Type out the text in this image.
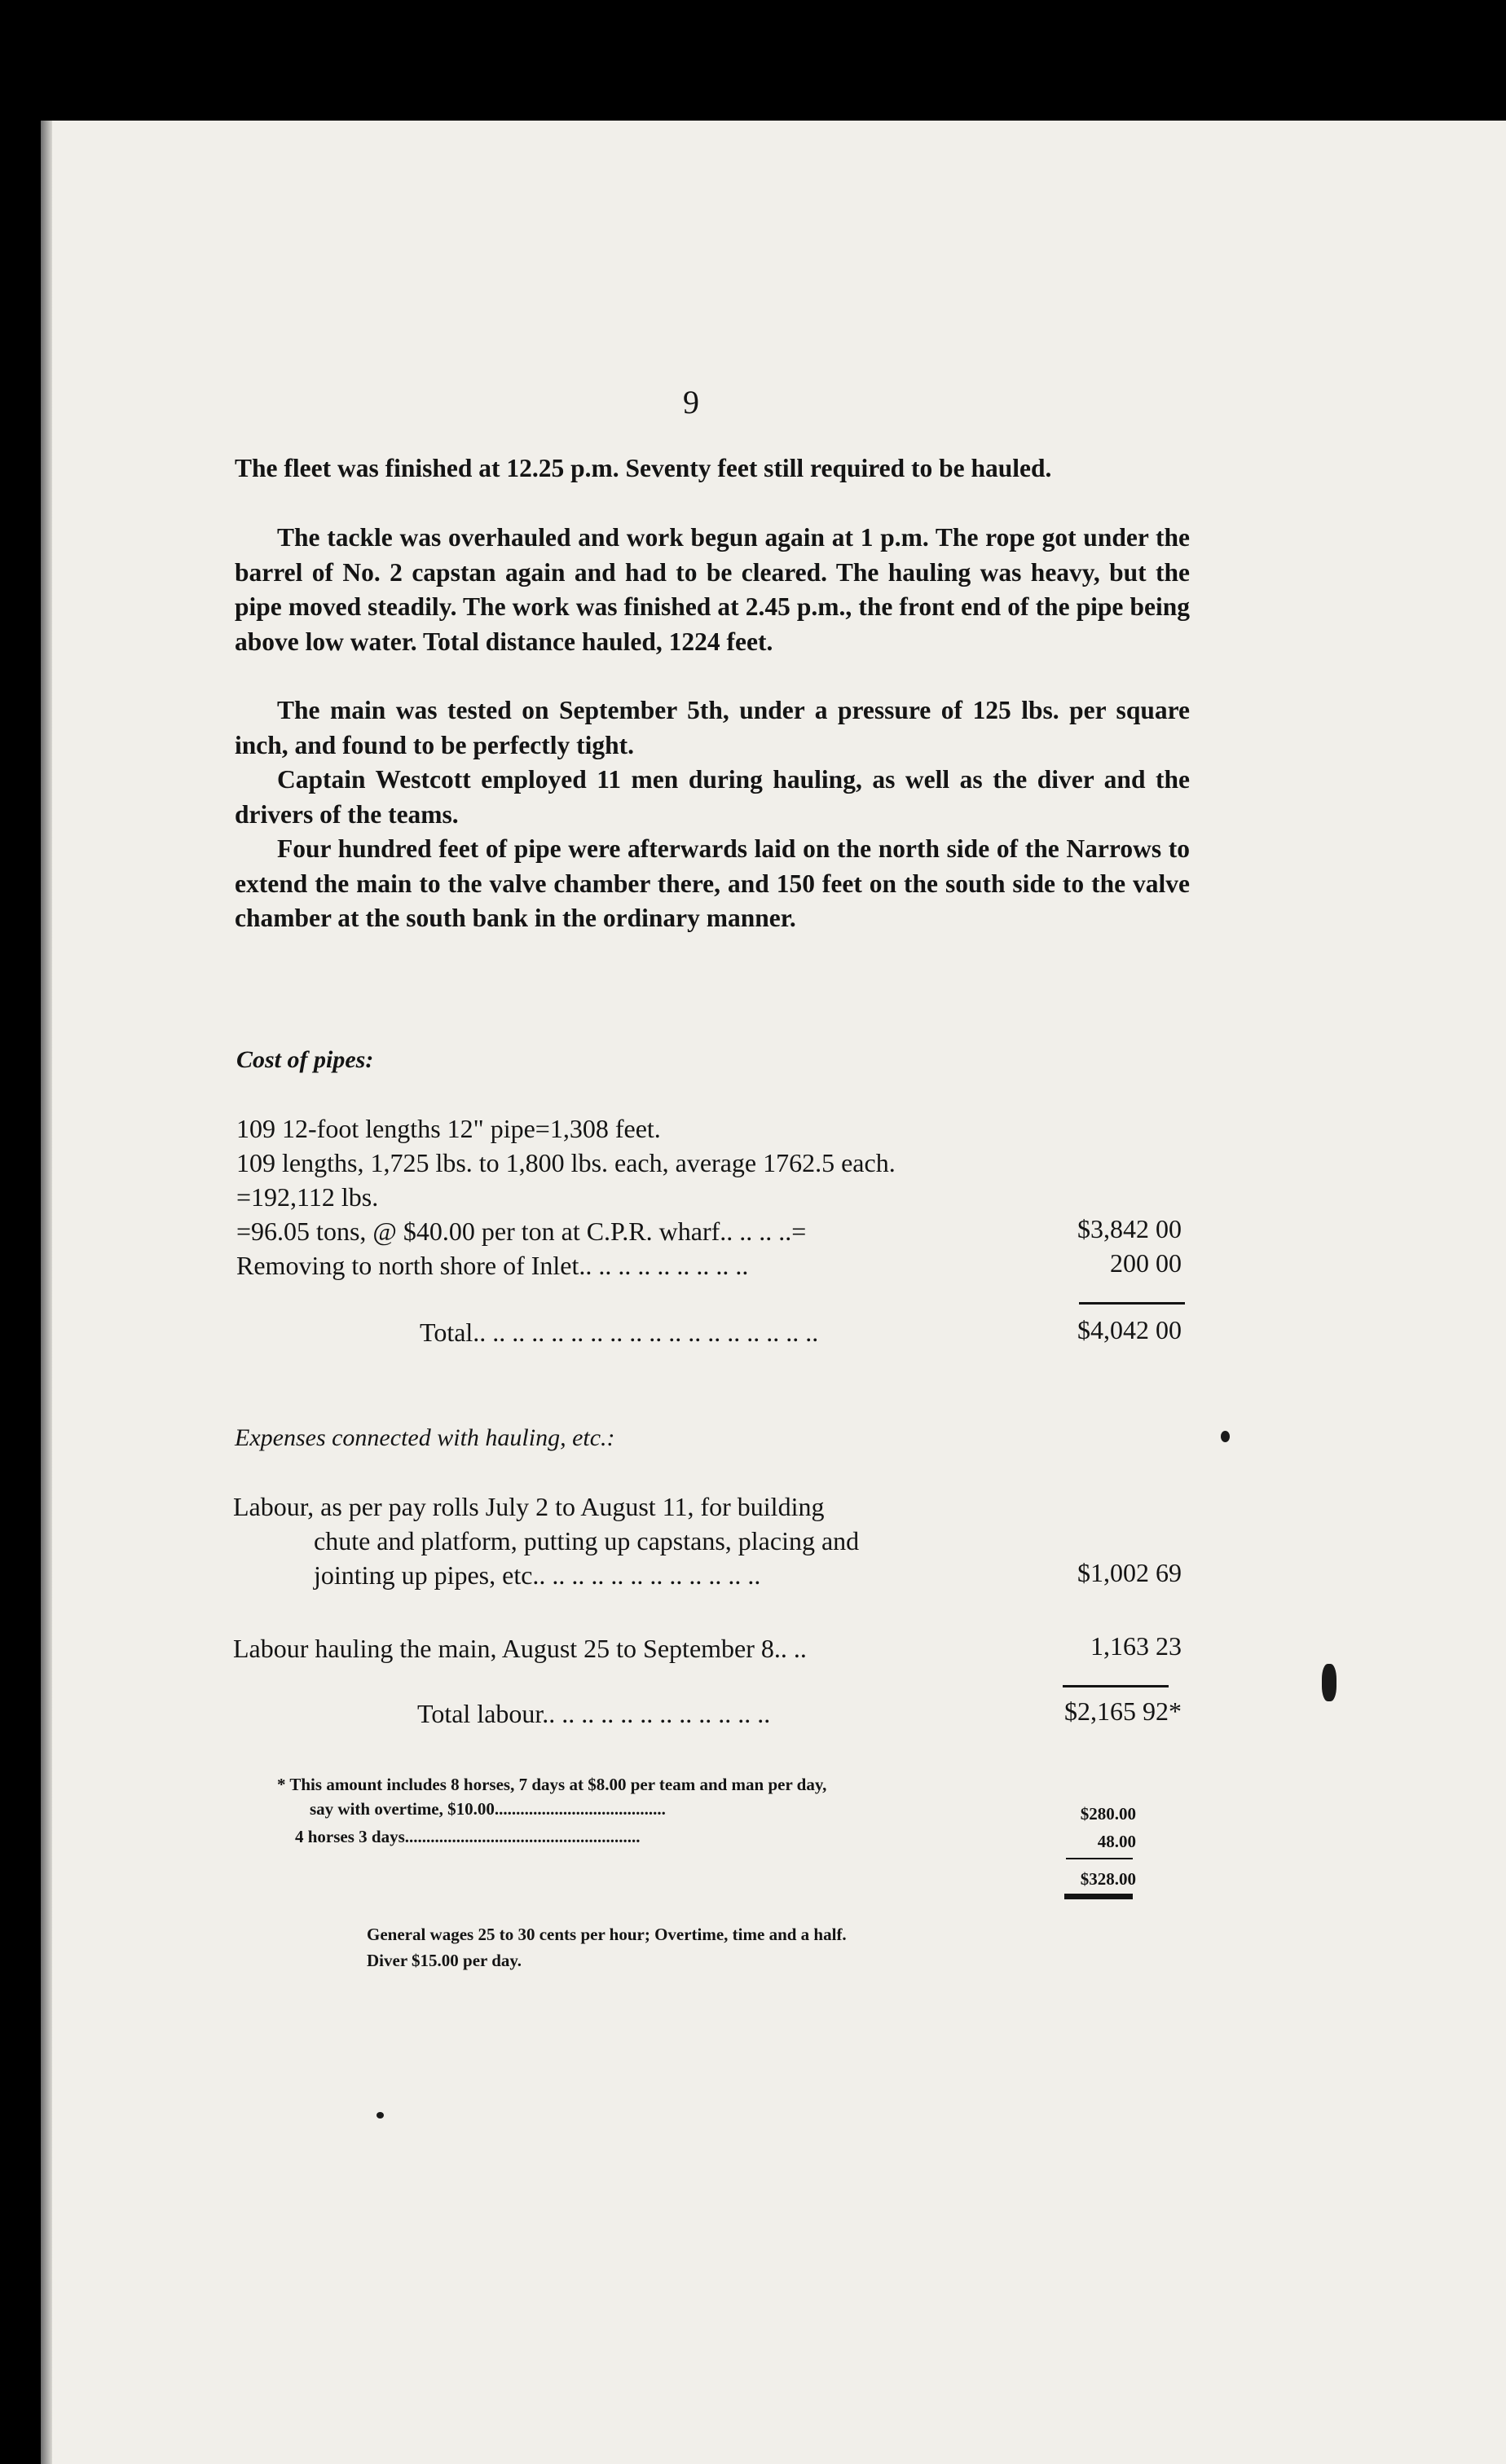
9

The fleet was finished at 12.25 p.m. Seventy feet still required to be hauled.

The tackle was overhauled and work begun again at 1 p.m. The rope got under the barrel of No. 2 capstan again and had to be cleared. The hauling was heavy, but the pipe moved steadily. The work was finished at 2.45 p.m., the front end of the pipe being above low water. Total distance hauled, 1224 feet.

The main was tested on September 5th, under a pressure of 125 lbs. per square inch, and found to be perfectly tight.

Captain Westcott employed 11 men during hauling, as well as the diver and the drivers of the teams.

Four hundred feet of pipe were afterwards laid on the north side of the Narrows to extend the main to the valve chamber there, and 150 feet on the south side to the valve chamber at the south bank in the ordinary manner.

Cost of pipes:

109 12-foot lengths 12" pipe=1,308 feet.
109 lengths, 1,725 lbs. to 1,800 lbs. each, average 1762.5 each.
=192,112 lbs.
=96.05 tons, @ $40.00 per ton at C.P.R. wharf.. .. .. ..=	$3,842 00
Removing to north shore of Inlet.. .. .. .. .. .. .. .. ..	200 00
Total.. .. .. .. .. .. .. .. .. .. .. .. .. .. .. .. .. ..	$4,042 00

Expenses connected with hauling, etc.:

Labour, as per pay rolls July 2 to August 11, for building
chute and platform, putting up capstans, placing and
jointing up pipes, etc.. .. .. .. .. .. .. .. .. .. .. ..	$1,002 69
Labour hauling the main, August 25 to September 8.. ..	1,163 23
Total labour.. .. .. .. .. .. .. .. .. .. .. ..	$2,165 92*
* This amount includes 8 horses, 7 days at $8.00 per team and man per day,
say with overtime, $10.00........................................	$280.00
4 horses 3 days.......................................................	48.00
$328.00
General wages 25 to 30 cents per hour; Overtime, time and a half.
Diver $15.00 per day.
